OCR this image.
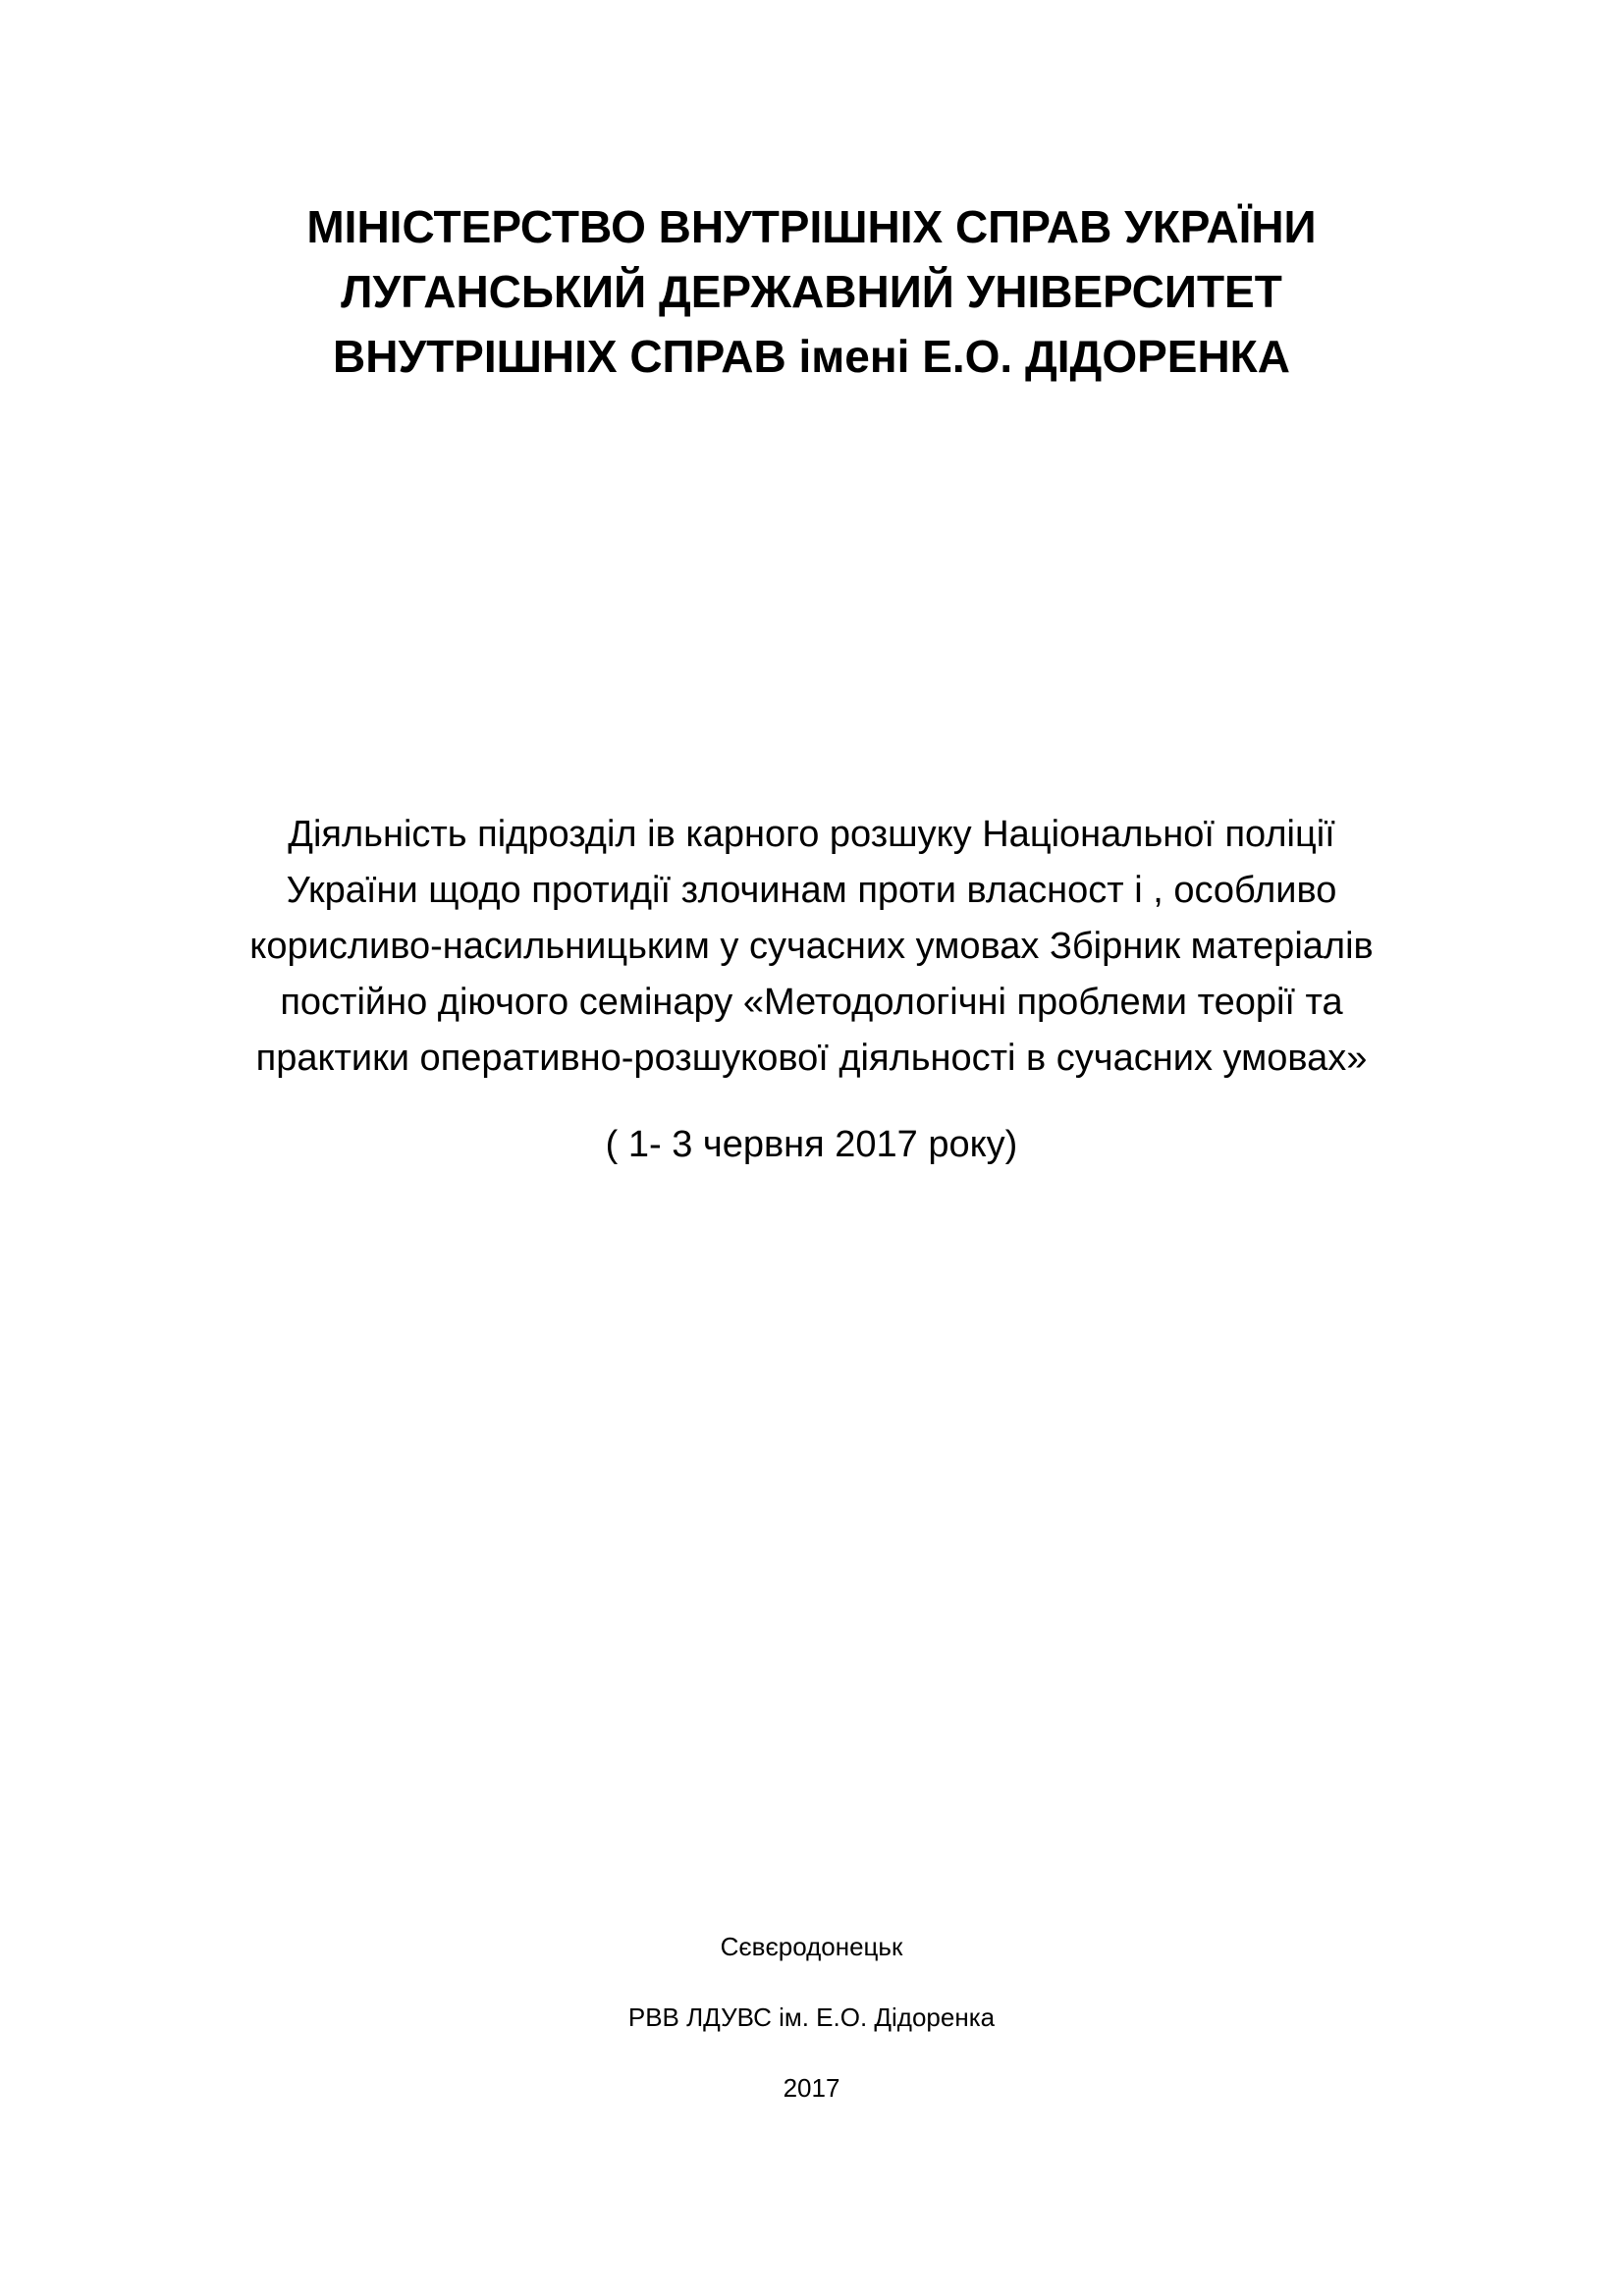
МІНІСТЕРСТВО ВНУТРІШНІХ СПРАВ УКРАЇНИ
ЛУГАНСЬКИЙ ДЕРЖАВНИЙ УНІВЕРСИТЕТ
ВНУТРІШНІХ СПРАВ імені Е.О. ДІДОРЕНКА
Діяльність підрозділ ів карного розшуку Національної поліції
України щодо протидії злочинам проти власност і , особливо
корисливо-насильницьким у сучасних умовах Збірник матеріалів
постійно діючого семінару «Методологічні проблеми теорії та
практики оперативно-розшукової діяльності в сучасних умовах»
( 1- 3 червня 2017 року)
Сєвєродонецьк
РВВ ЛДУВС ім. Е.О. Дідоренка
2017
